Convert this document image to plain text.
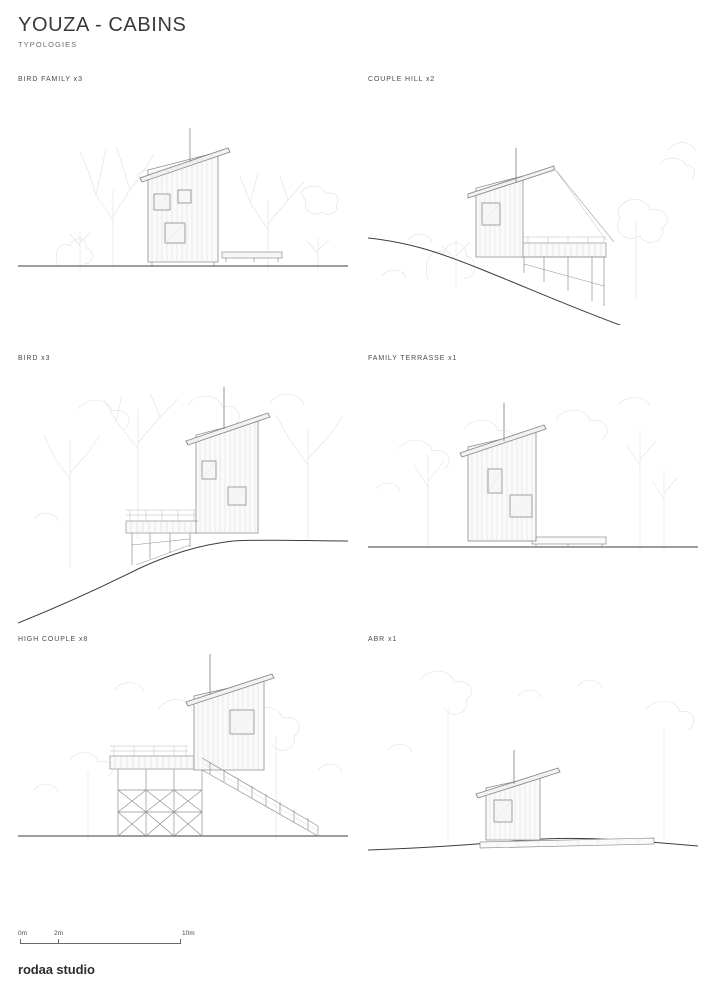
YOUZA - CABINS
TYPOLOGIES
BIRD FAMILY x3	COUPLE HILL x2
BIRD x3	FAMILY TERRASSE x1
HIGH COUPLE x8	ABR x1
0m	2m	10m
rodaa studio
